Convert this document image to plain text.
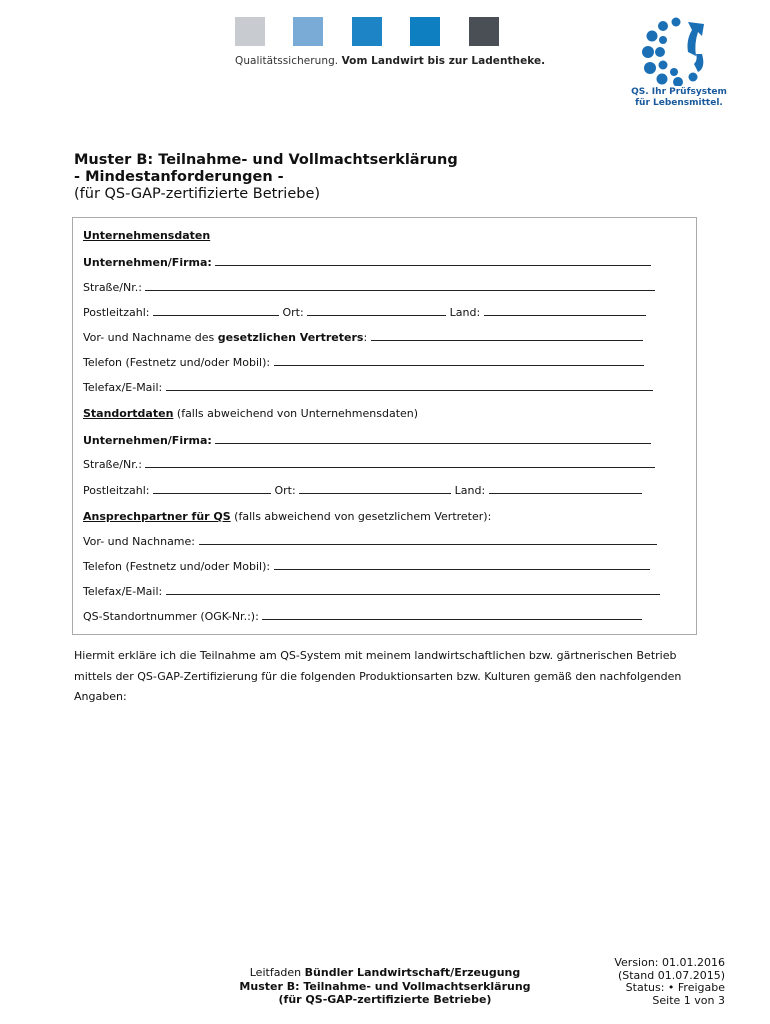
Qualitätssicherung. Vom Landwirt bis zur Ladentheke.
QS. Ihr Prüfsystem
für Lebensmittel.
Muster B: Teilnahme- und Vollmachtserklärung
- Mindestanforderungen -
(für QS-GAP-zertifizierte Betriebe)
Unternehmensdaten
Unternehmen/Firma:
Straße/Nr.:
Postleitzahl:	Ort:	Land:
Vor- und Nachname des gesetzlichen Vertreters:
Telefon (Festnetz und/oder Mobil):
Telefax/E-Mail:
Standortdaten (falls abweichend von Unternehmensdaten)
Unternehmen/Firma:
Straße/Nr.:
Postleitzahl:	Ort:	Land:
Ansprechpartner für QS (falls abweichend von gesetzlichem Vertreter):
Vor- und Nachname:
Telefon (Festnetz und/oder Mobil):
Telefax/E-Mail:
QS-Standortnummer (OGK-Nr.:):
Hiermit erkläre ich die Teilnahme am QS-System mit meinem landwirtschaftlichen bzw. gärtnerischen Betrieb mittels der QS-GAP-Zertifizierung für die folgenden Produktionsarten bzw. Kulturen gemäß den nachfolgenden Angaben:
Leitfaden Bündler Landwirtschaft/Erzeugung
Muster B: Teilnahme- und Vollmachtserklärung
(für QS-GAP-zertifizierte Betriebe)
Version: 01.01.2016
(Stand 01.07.2015)
Status: • Freigabe
Seite 1 von 3
